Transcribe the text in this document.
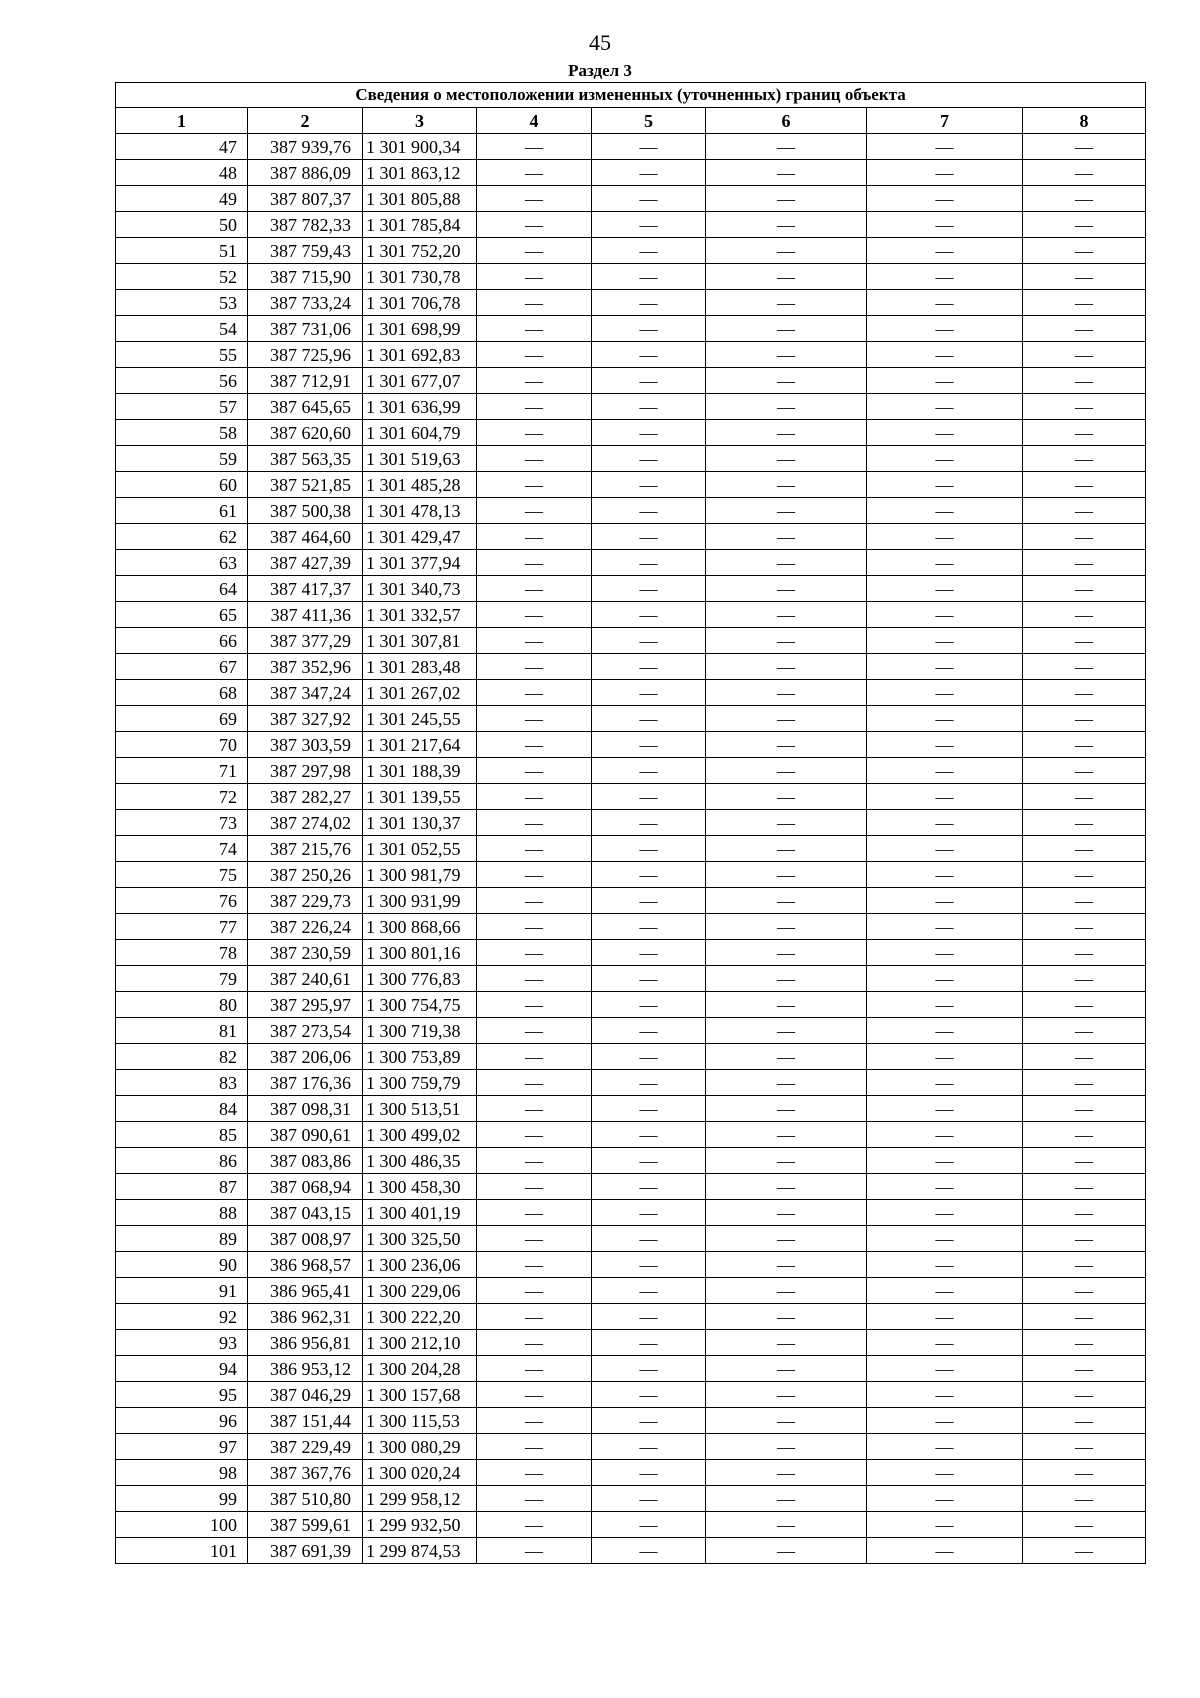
45
Раздел 3
Сведения о местоположении измененных (уточненных) границ объекта							
1	2	3	4	5	6	7	8
47	387 939,76	1 301 900,34	—	—	—	—	—
48	387 886,09	1 301 863,12	—	—	—	—	—
49	387 807,37	1 301 805,88	—	—	—	—	—
50	387 782,33	1 301 785,84	—	—	—	—	—
51	387 759,43	1 301 752,20	—	—	—	—	—
52	387 715,90	1 301 730,78	—	—	—	—	—
53	387 733,24	1 301 706,78	—	—	—	—	—
54	387 731,06	1 301 698,99	—	—	—	—	—
55	387 725,96	1 301 692,83	—	—	—	—	—
56	387 712,91	1 301 677,07	—	—	—	—	—
57	387 645,65	1 301 636,99	—	—	—	—	—
58	387 620,60	1 301 604,79	—	—	—	—	—
59	387 563,35	1 301 519,63	—	—	—	—	—
60	387 521,85	1 301 485,28	—	—	—	—	—
61	387 500,38	1 301 478,13	—	—	—	—	—
62	387 464,60	1 301 429,47	—	—	—	—	—
63	387 427,39	1 301 377,94	—	—	—	—	—
64	387 417,37	1 301 340,73	—	—	—	—	—
65	387 411,36	1 301 332,57	—	—	—	—	—
66	387 377,29	1 301 307,81	—	—	—	—	—
67	387 352,96	1 301 283,48	—	—	—	—	—
68	387 347,24	1 301 267,02	—	—	—	—	—
69	387 327,92	1 301 245,55	—	—	—	—	—
70	387 303,59	1 301 217,64	—	—	—	—	—
71	387 297,98	1 301 188,39	—	—	—	—	—
72	387 282,27	1 301 139,55	—	—	—	—	—
73	387 274,02	1 301 130,37	—	—	—	—	—
74	387 215,76	1 301 052,55	—	—	—	—	—
75	387 250,26	1 300 981,79	—	—	—	—	—
76	387 229,73	1 300 931,99	—	—	—	—	—
77	387 226,24	1 300 868,66	—	—	—	—	—
78	387 230,59	1 300 801,16	—	—	—	—	—
79	387 240,61	1 300 776,83	—	—	—	—	—
80	387 295,97	1 300 754,75	—	—	—	—	—
81	387 273,54	1 300 719,38	—	—	—	—	—
82	387 206,06	1 300 753,89	—	—	—	—	—
83	387 176,36	1 300 759,79	—	—	—	—	—
84	387 098,31	1 300 513,51	—	—	—	—	—
85	387 090,61	1 300 499,02	—	—	—	—	—
86	387 083,86	1 300 486,35	—	—	—	—	—
87	387 068,94	1 300 458,30	—	—	—	—	—
88	387 043,15	1 300 401,19	—	—	—	—	—
89	387 008,97	1 300 325,50	—	—	—	—	—
90	386 968,57	1 300 236,06	—	—	—	—	—
91	386 965,41	1 300 229,06	—	—	—	—	—
92	386 962,31	1 300 222,20	—	—	—	—	—
93	386 956,81	1 300 212,10	—	—	—	—	—
94	386 953,12	1 300 204,28	—	—	—	—	—
95	387 046,29	1 300 157,68	—	—	—	—	—
96	387 151,44	1 300 115,53	—	—	—	—	—
97	387 229,49	1 300 080,29	—	—	—	—	—
98	387 367,76	1 300 020,24	—	—	—	—	—
99	387 510,80	1 299 958,12	—	—	—	—	—
100	387 599,61	1 299 932,50	—	—	—	—	—
101	387 691,39	1 299 874,53	—	—	—	—	—
